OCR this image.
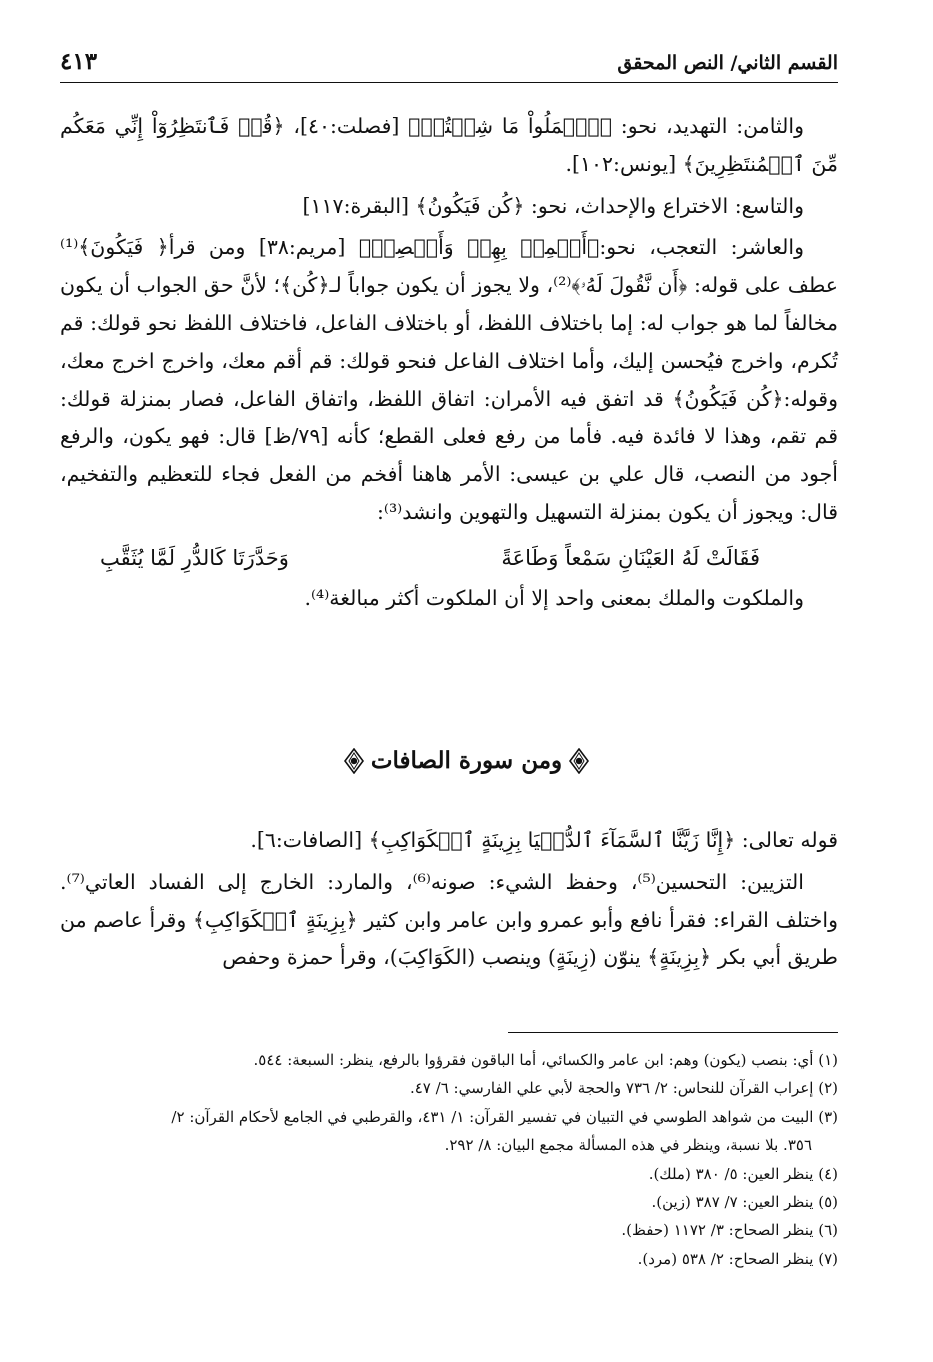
القسم الثاني/ النص المحقق
٤١٣

والثامن: التهديد، نحو: ﴿ٱعۡمَلُواْ مَا شِئۡتُمۡ﴾ [فصلت:٤٠]، ﴿قُلۡ فَٱنتَظِرُوٓاْ إِنِّي مَعَكُم مِّنَ ٱلۡمُنتَظِرِينَ﴾ [يونس:١٠٢].

والتاسع: الاختراع والإحداث، نحو: ﴿كُن فَيَكُونُ﴾ [البقرة:١١٧]

والعاشر: التعجب، نحو:﴿أَسۡمِعۡ بِهِمۡ وَأَبۡصِرۡ﴾ [مريم:٣٨] ومن قرأ﴿ فَيَكُونَ﴾⁽¹⁾ عطف على قوله: ﴿أَن نَّقُولَ لَهُۥ﴾⁽²⁾، ولا يجوز أن يكون جواباً لـ﴿كُن﴾؛ لأنَّ حق الجواب أن يكون مخالفاً لما هو جواب له: إما باختلاف اللفظ، أو باختلاف الفاعل، فاختلاف اللفظ نحو قولك: قم تُكرم، واخرج فيُحسن إليك، وأما اختلاف الفاعل فنحو قولك: قم أقم معك، واخرج اخرج معك، وقوله:﴿كُن فَيَكُونُ﴾ قد اتفق فيه الأمران: اتفاق اللفظ، واتفاق الفاعل، فصار بمنزلة قولك: قم تقم، وهذا لا فائدة فيه. فأما من رفع فعلى القطع؛ كأنه [٧٩/ظ] قال: فهو يكون، والرفع أجود من النصب، قال علي بن عيسى: الأمر هاهنا أفخم من الفعل فجاء للتعظيم والتفخيم، قال: ويجوز أن يكون بمنزلة التسهيل والتهوين وانشد⁽³⁾:

فَقَالَتْ لَهُ العَيْنَانِ سَمْعاً وَطَاعَةً
وَحَدَّرَتَا كَالدُّرِ لَمَّا يُثَقَّبِ

والملكوت والملك بمعنى واحد إلا أن الملكوت أكثر مبالغة⁽⁴⁾.

ومن سورة الصافات

قوله تعالى: ﴿إِنَّا زَيَّنَّا ٱلسَّمَآءَ ٱلدُّنۡيَا بِزِينَةٍ ٱلۡكَوَاكِبِ﴾ [الصافات:٦].

التزيين: التحسين⁽⁵⁾، وحفظ الشيء: صونه⁽⁶⁾، والمارد: الخارج إلى الفساد العاتي⁽⁷⁾. واختلف القراء: فقرأ نافع وأبو عمرو وابن عامر وابن كثير ﴿بِزِينَةٍ ٱلۡكَوَاكِبِ﴾ وقرأ عاصم من طريق أبي بكر ﴿بِزِينَةٍ﴾ ينوّن (زِينَةٍ) وينصب (الكَوَاكِبَ)، وقرأ حمزة وحفص

(١) أي: بنصب (يكون) وهم: ابن عامر والكسائي، أما الباقون فقرؤوا بالرفع، ينظر: السبعة: ٥٤٤.

(٢) إعراب القرآن للنحاس: ٢/ ٧٣٦ والحجة لأبي علي الفارسي: ٦/ ٤٧.

(٣) البيت من شواهد الطوسي في التبيان في تفسير القرآن: ١/ ٤٣١، والقرطبي في الجامع لأحكام القرآن: ٢/
٣٥٦. بلا نسبة، وينظر في هذه المسألة مجمع البيان: ٨/ ٢٩٢.

(٤) ينظر العين: ٥/ ٣٨٠ (ملك).

(٥) ينظر العين: ٧/ ٣٨٧ (زين).

(٦) ينظر الصحاح: ٣/ ١١٧٢ (حفظ).

(٧) ينظر الصحاح: ٢/ ٥٣٨ (مرد).
